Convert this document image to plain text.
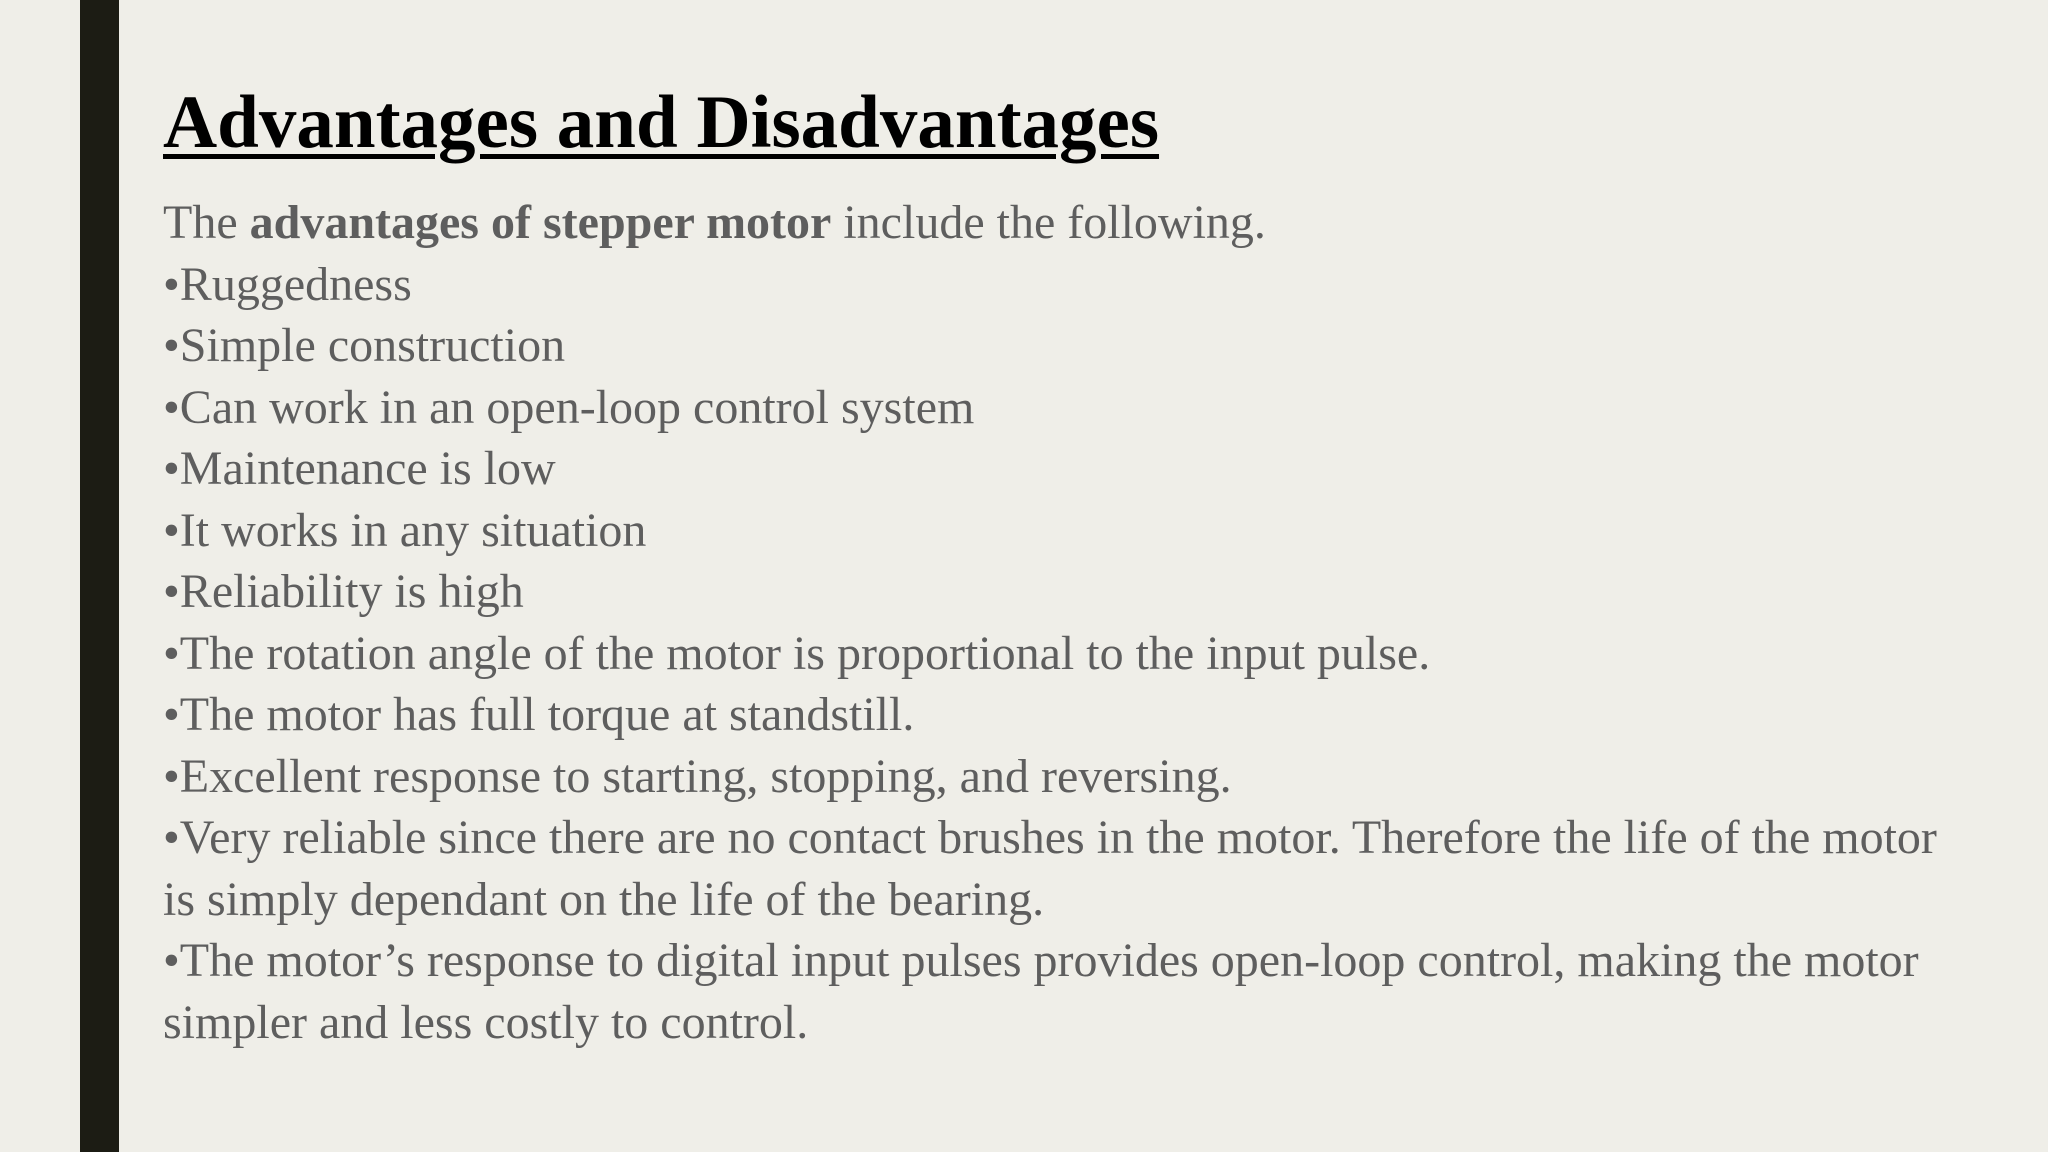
Advantages and Disadvantages

The advantages of stepper motor include the following.

•Ruggedness
•Simple construction
•Can work in an open-loop control system
•Maintenance is low
•It works in any situation
•Reliability is high
•The rotation angle of the motor is proportional to the input pulse.
•The motor has full torque at standstill.
•Excellent response to starting, stopping, and reversing.
•Very reliable since there are no contact brushes in the motor. Therefore the life of the motor is simply dependant on the life of the bearing.
•The motor’s response to digital input pulses provides open-loop control, making the motor simpler and less costly to control.
